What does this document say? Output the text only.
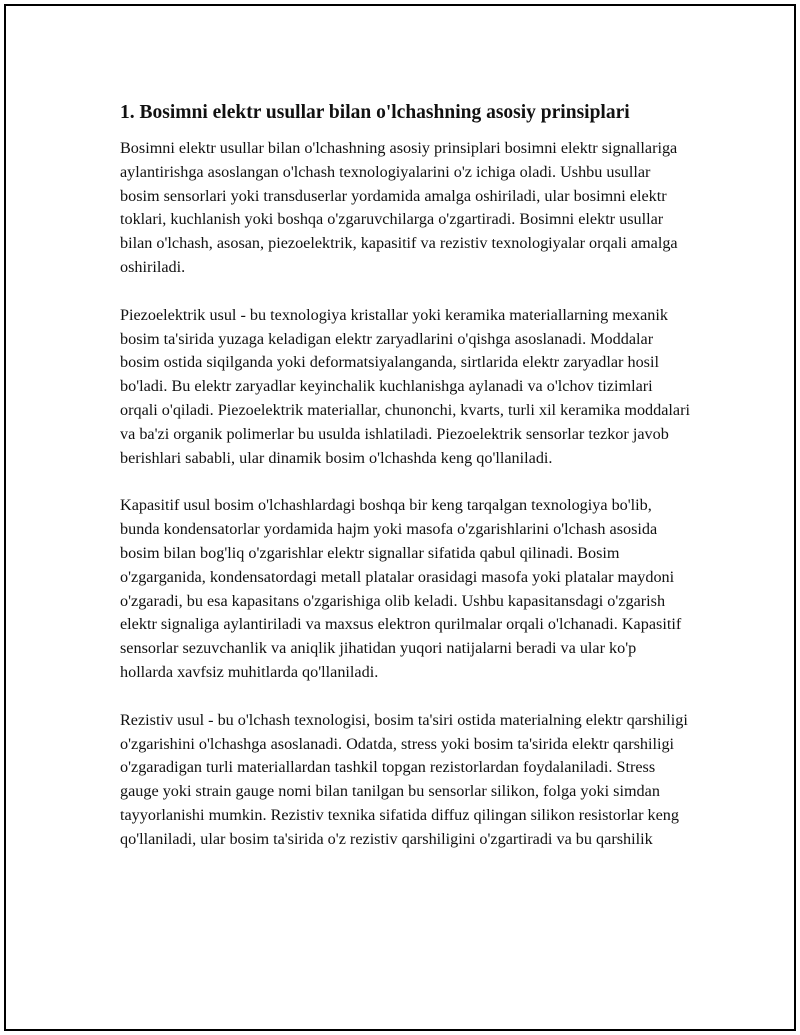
1. Bosimni elektr usullar bilan o'lchashning asosiy prinsiplari

Bosimni elektr usullar bilan o'lchashning asosiy prinsiplari bosimni elektr signallariga aylantirishga asoslangan o'lchash texnologiyalarini o'z ichiga oladi. Ushbu usullar bosim sensorlari yoki transduserlar yordamida amalga oshiriladi, ular bosimni elektr toklari, kuchlanish yoki boshqa o'zgaruvchilarga o'zgartiradi. Bosimni elektr usullar bilan o'lchash, asosan, piezoelektrik, kapasitif va rezistiv texnologiyalar orqali amalga oshiriladi.

Piezoelektrik usul - bu texnologiya kristallar yoki keramika materiallarning mexanik bosim ta'sirida yuzaga keladigan elektr zaryadlarini o'qishga asoslanadi. Moddalar bosim ostida siqilganda yoki deformatsiyalanganda, sirtlarida elektr zaryadlar hosil bo'ladi. Bu elektr zaryadlar keyinchalik kuchlanishga aylanadi va o'lchov tizimlari orqali o'qiladi. Piezoelektrik materiallar, chunonchi, kvarts, turli xil keramika moddalari va ba'zi organik polimerlar bu usulda ishlatiladi. Piezoelektrik sensorlar tezkor javob berishlari sababli, ular dinamik bosim o'lchashda keng qo'llaniladi.

Kapasitif usul bosim o'lchashlardagi boshqa bir keng tarqalgan texnologiya bo'lib, bunda kondensatorlar yordamida hajm yoki masofa o'zgarishlarini o'lchash asosida bosim bilan bog'liq o'zgarishlar elektr signallar sifatida qabul qilinadi. Bosim o'zgarganida, kondensatordagi metall platalar orasidagi masofa yoki platalar maydoni o'zgaradi, bu esa kapasitans o'zgarishiga olib keladi. Ushbu kapasitansdagi o'zgarish elektr signaliga aylantiriladi va maxsus elektron qurilmalar orqali o'lchanadi. Kapasitif sensorlar sezuvchanlik va aniqlik jihatidan yuqori natijalarni beradi va ular ko'p hollarda xavfsiz muhitlarda qo'llaniladi.

Rezistiv usul - bu o'lchash texnologisi, bosim ta'siri ostida materialning elektr qarshiligi o'zgarishini o'lchashga asoslanadi. Odatda, stress yoki bosim ta'sirida elektr qarshiligi o'zgaradigan turli materiallardan tashkil topgan rezistorlardan foydalaniladi. Stress gauge yoki strain gauge nomi bilan tanilgan bu sensorlar silikon, folga yoki simdan tayyorlanishi mumkin. Rezistiv texnika sifatida diffuz qilingan silikon resistorlar keng qo'llaniladi, ular bosim ta'sirida o'z rezistiv qarshiligini o'zgartiradi va bu qarshilik
